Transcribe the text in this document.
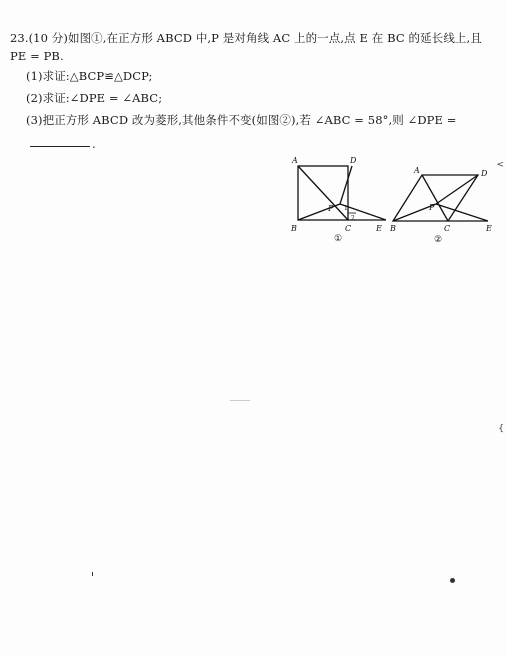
23.(10 分)如图①,在正方形 ABCD 中,P 是对角线 AC 上的一点,点 E 在 BC 的延长线上,且
PE = PB.
(1)求证:△BCP≌△DCP;
(2)求证:∠DPE = ∠ABC;
(3)把正方形 ABCD 改为菱形,其他条件不变(如图②),若 ∠ABC = 58°,则 ∠DPE =
.
A	D
B	C	E
P 1
2
①
A	D
B	C	E
P
②
<
{
